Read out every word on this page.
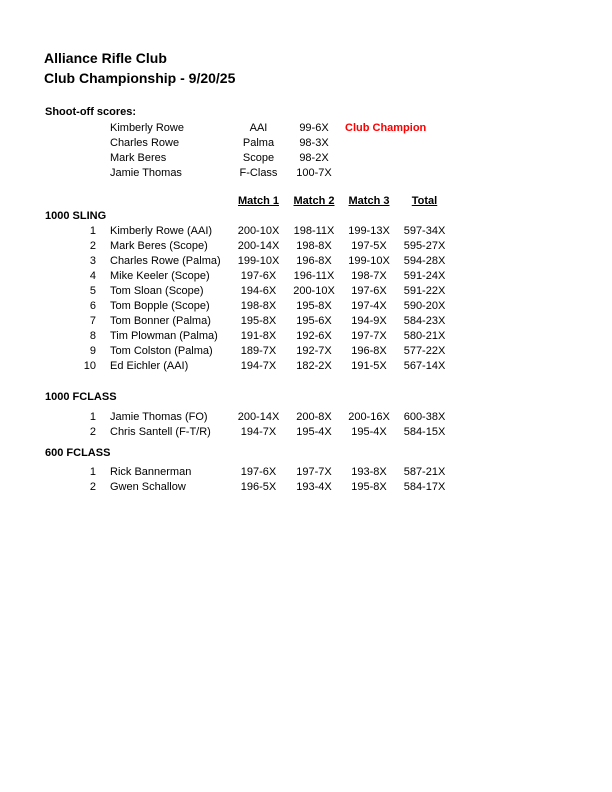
Alliance Rifle Club
Club Championship - 9/20/25
Shoot-off scores:
Kimberly Rowe	AAI	99-6X	Club Champion
Charles Rowe	Palma	98-3X
Mark Beres	Scope	98-2X
Jamie Thomas	F-Class	100-7X
Match 1	Match 2	Match 3	Total
1000 SLING
1 Kimberly Rowe (AAI)	200-10X	198-11X	199-13X	597-34X
2 Mark Beres (Scope)	200-14X	198-8X	197-5X	595-27X
3 Charles Rowe (Palma)	199-10X	196-8X	199-10X	594-28X
4 Mike Keeler (Scope)	197-6X	196-11X	198-7X	591-24X
5 Tom Sloan (Scope)	194-6X	200-10X	197-6X	591-22X
6 Tom Bopple (Scope)	198-8X	195-8X	197-4X	590-20X
7 Tom Bonner (Palma)	195-8X	195-6X	194-9X	584-23X
8 Tim Plowman (Palma)	191-8X	192-6X	197-7X	580-21X
9 Tom Colston (Palma)	189-7X	192-7X	196-8X	577-22X
10 Ed Eichler (AAI)	194-7X	182-2X	191-5X	567-14X
1000 FCLASS
1 Jamie Thomas (FO)	200-14X	200-8X	200-16X	600-38X
2 Chris Santell (F-T/R)	194-7X	195-4X	195-4X	584-15X
600 FCLASS
1 Rick Bannerman	197-6X	197-7X	193-8X	587-21X
2 Gwen Schallow	196-5X	193-4X	195-8X	584-17X
